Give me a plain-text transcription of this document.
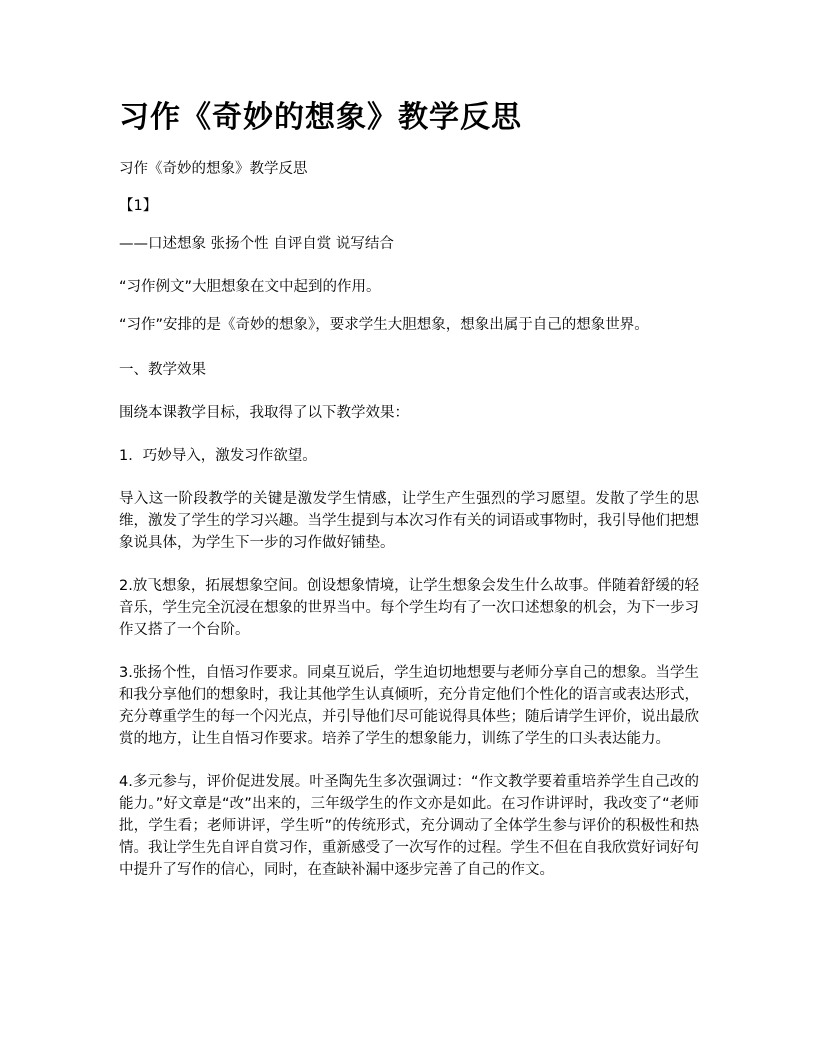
习作《奇妙的想象》教学反思

习作《奇妙的想象》教学反思

【1】

——口述想象 张扬个性 自评自赏 说写结合

“习作例文”大胆想象在文中起到的作用。

“习作”安排的是《奇妙的想象》，要求学生大胆想象，想象出属于自己的想象世界。

一、教学效果

围绕本课教学目标，我取得了以下教学效果：

1．巧妙导入，激发习作欲望。

导入这一阶段教学的关键是激发学生情感，让学生产生强烈的学习愿望。发散了学生的思维，激发了学生的学习兴趣。当学生提到与本次习作有关的词语或事物时，我引导他们把想象说具体，为学生下一步的习作做好铺垫。

2.放飞想象，拓展想象空间。创设想象情境，让学生想象会发生什么故事。伴随着舒缓的轻音乐，学生完全沉浸在想象的世界当中。每个学生均有了一次口述想象的机会，为下一步习作又搭了一个台阶。

3.张扬个性，自悟习作要求。同桌互说后，学生迫切地想要与老师分享自己的想象。当学生和我分享他们的想象时，我让其他学生认真倾听，充分肯定他们个性化的语言或表达形式，充分尊重学生的每一个闪光点，并引导他们尽可能说得具体些；随后请学生评价，说出最欣赏的地方，让生自悟习作要求。培养了学生的想象能力，训练了学生的口头表达能力。

4.多元参与，评价促进发展。叶圣陶先生多次强调过：“作文教学要着重培养学生自己改的能力。”好文章是“改”出来的，三年级学生的作文亦是如此。在习作讲评时，我改变了“老师批，学生看；老师讲评，学生听”的传统形式，充分调动了全体学生参与评价的积极性和热情。我让学生先自评自赏习作，重新感受了一次写作的过程。学生不但在自我欣赏好词好句中提升了写作的信心，同时，在查缺补漏中逐步完善了自己的作文。
